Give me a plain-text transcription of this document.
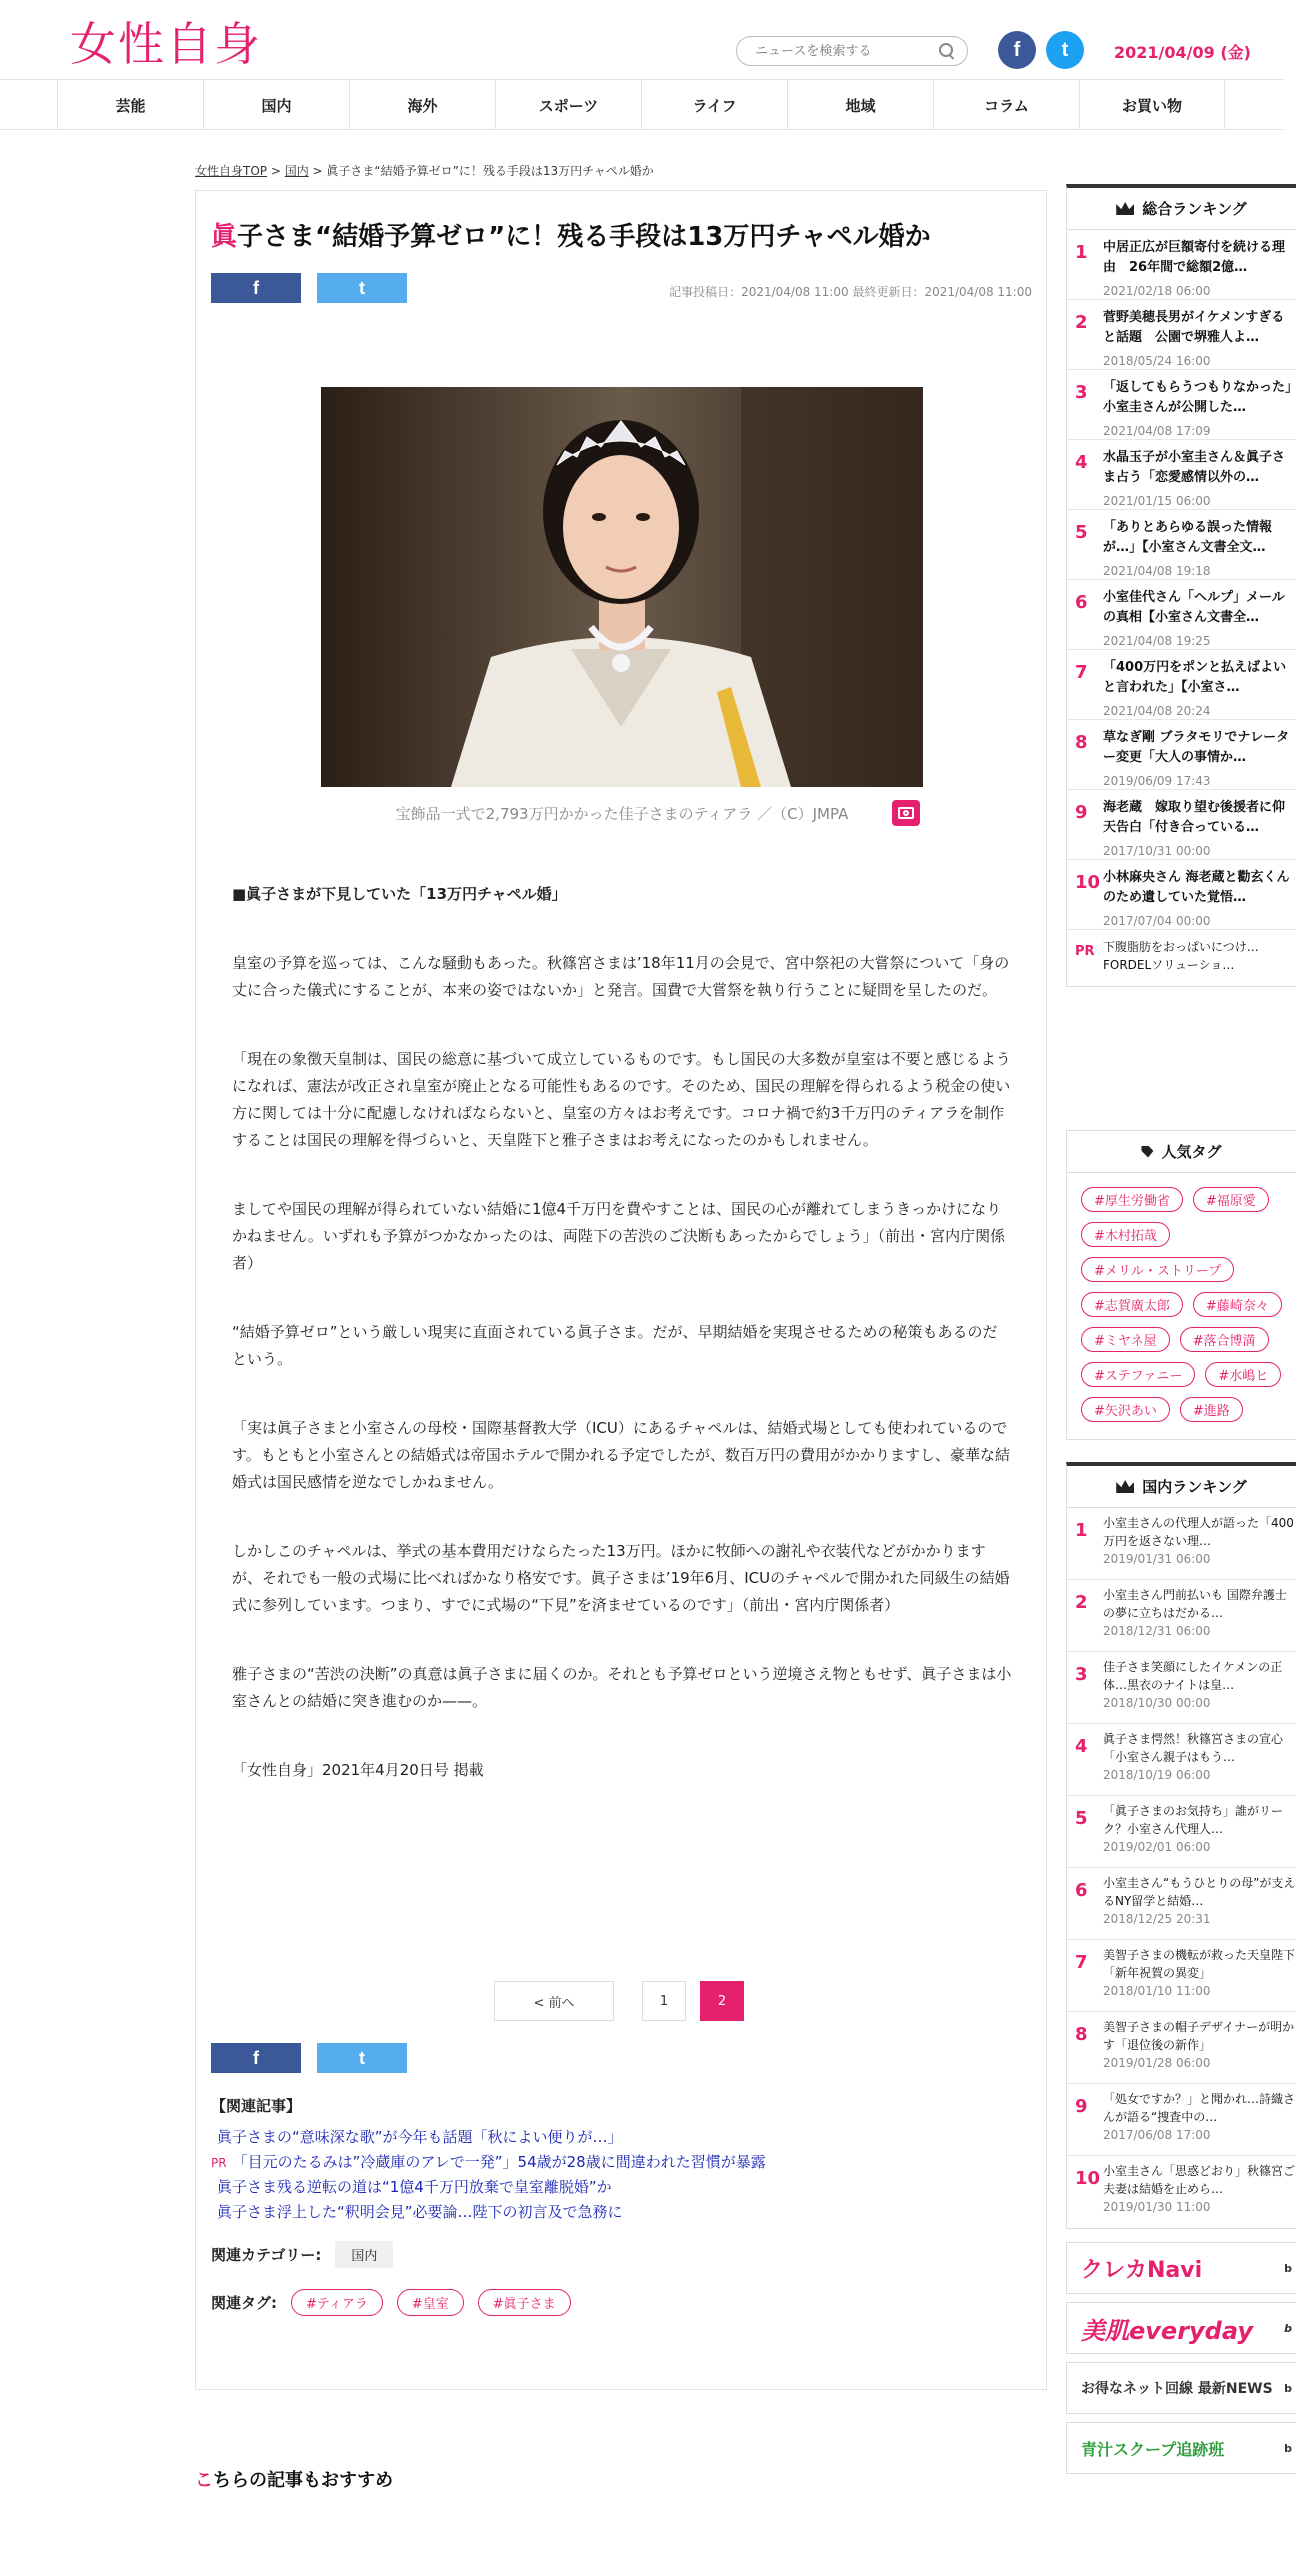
女性自身
ニュースを検索する	f	t	2021/04/09 (金)
芸能	国内	海外	スポーツ	ライフ	地域	コラム	お買い物
女性自身TOP > 国内 > 眞子さま“結婚予算ゼロ”に！残る手段は13万円チャペル婚か
眞子さま“結婚予算ゼロ”に！残る手段は13万円チャペル婚か
f	t	記事投稿日：2021/04/08 11:00 最終更新日：2021/04/08 11:00
宝飾品一式で2,793万円かかった佳子さまのティアラ ／（C）JMPA

■眞子さまが下見していた「13万円チャペル婚」

皇室の予算を巡っては、こんな騒動もあった。秋篠宮さまは’18年11月の会見で、宮中祭祀の大嘗祭について「身の丈に合った儀式にすることが、本来の姿ではないか」と発言。国費で大嘗祭を執り行うことに疑問を呈したのだ。

「現在の象徴天皇制は、国民の総意に基づいて成立しているものです。もし国民の大多数が皇室は不要と感じるようになれば、憲法が改正され皇室が廃止となる可能性もあるのです。そのため、国民の理解を得られるよう税金の使い方に関しては十分に配慮しなければならないと、皇室の方々はお考えです。コロナ禍で約3千万円のティアラを制作することは国民の理解を得づらいと、天皇陛下と雅子さまはお考えになったのかもしれません。

ましてや国民の理解が得られていない結婚に1億4千万円を費やすことは、国民の心が離れてしまうきっかけになりかねません。いずれも予算がつかなかったのは、両陛下の苦渋のご決断もあったからでしょう」（前出・宮内庁関係者）

“結婚予算ゼロ”という厳しい現実に直面されている眞子さま。だが、早期結婚を実現させるための秘策もあるのだという。

「実は眞子さまと小室さんの母校・国際基督教大学（ICU）にあるチャペルは、結婚式場としても使われているのです。もともと小室さんとの結婚式は帝国ホテルで開かれる予定でしたが、数百万円の費用がかかりますし、豪華な結婚式は国民感情を逆なでしかねません。

しかしこのチャペルは、挙式の基本費用だけならたった13万円。ほかに牧師への謝礼や衣装代などがかかりますが、それでも一般の式場に比べればかなり格安です。眞子さまは’19年6月、ICUのチャペルで開かれた同級生の結婚式に参列しています。つまり、すでに式場の“下見”を済ませているのです」（前出・宮内庁関係者）

雅子さまの“苦渋の決断”の真意は眞子さまに届くのか。それとも予算ゼロという逆境さえ物ともせず、眞子さまは小室さんとの結婚に突き進むのか——。

「女性自身」2021年4月20日号 掲載

< 前へ	1	2
f	t
【関連記事】
眞子さまの“意味深な歌”が今年も話題「秋によい便りが…」
PR 「目元のたるみは”冷蔵庫のアレで一発”」54歳が28歳に間違われた習慣が暴露
眞子さま残る逆転の道は“1億4千万円放棄で皇室離脱婚”か
眞子さま浮上した“釈明会見”必要論…陛下の初言及で急務に
関連カテゴリー:	国内
関連タグ:	#ティアラ	#皇室	#眞子さま
こちらの記事もおすすめ
総合ランキング
1 中居正広が巨額寄付を続ける理由　26年間で総額2億…
2021/02/18 06:00
2 菅野美穂長男がイケメンすぎると話題　公園で堺雅人よ…
2018/05/24 16:00
3 「返してもらうつもりなかった」小室圭さんが公開した…
2021/04/08 17:09
4 水晶玉子が小室圭さん＆眞子さま占う「恋愛感情以外の…
2021/01/15 06:00
5 「ありとあらゆる誤った情報が…」【小室さん文書全文…
2021/04/08 19:18
6 小室佳代さん「ヘルプ」メールの真相【小室さん文書全…
2021/04/08 19:25
7 「400万円をポンと払えばよいと言われた」【小室さ…
2021/04/08 20:24
8 草なぎ剛 ブラタモリでナレーター変更「大人の事情か…
2019/06/09 17:43
9 海老蔵　嫁取り望む後援者に仰天告白「付き合っている…
2017/10/31 00:00
10 小林麻央さん 海老蔵と勸玄くんのため遺していた覚悟…
2017/07/04 00:00
PR 下腹脂肪をおっぱいにつけ…FORDELソリューショ…
人気タグ
#厚生労働省	#福原愛
#木村拓哉
#メリル・ストリープ
#志賀廣太郎	#藤崎奈々
#ミヤネ屋	#落合博満
#ステファニー	#水嶋ヒ
#矢沢あい	#進路
国内ランキング
1 小室圭さんの代理人が語った「400万円を返さない理…
2019/01/31 06:00
2 小室圭さん門前払いも 国際弁護士の夢に立ちはだかる…
2018/12/31 06:00
3 佳子さま笑顔にしたイケメンの正体…黒衣のナイトは皇…
2018/10/30 00:00
4 眞子さま愕然！秋篠宮さまの宣心「小室さん親子はもう…
2018/10/19 06:00
5 「眞子さまのお気持ち」誰がリーク？小室さん代理人…
2019/02/01 06:00
6 小室圭さん“もうひとりの母”が支えるNY留学と結婚…
2018/12/25 20:31
7 美智子さまの機転が救った天皇陛下「新年祝賀の異変」
2018/01/10 11:00
8 美智子さまの帽子デザイナーが明かす「退位後の新作」
2019/01/28 06:00
9 「処女ですか？」と聞かれ…詩織さんが語る“捜査中の…
2017/06/08 17:00
10 小室圭さん「思惑どおり」秋篠宮ご夫妻は結婚を止めら…
2019/01/30 11:00
クレカNavi	b
美肌everyday	b
お得なネット回線 最新NEWS b
青汁スクープ追跡班	b
